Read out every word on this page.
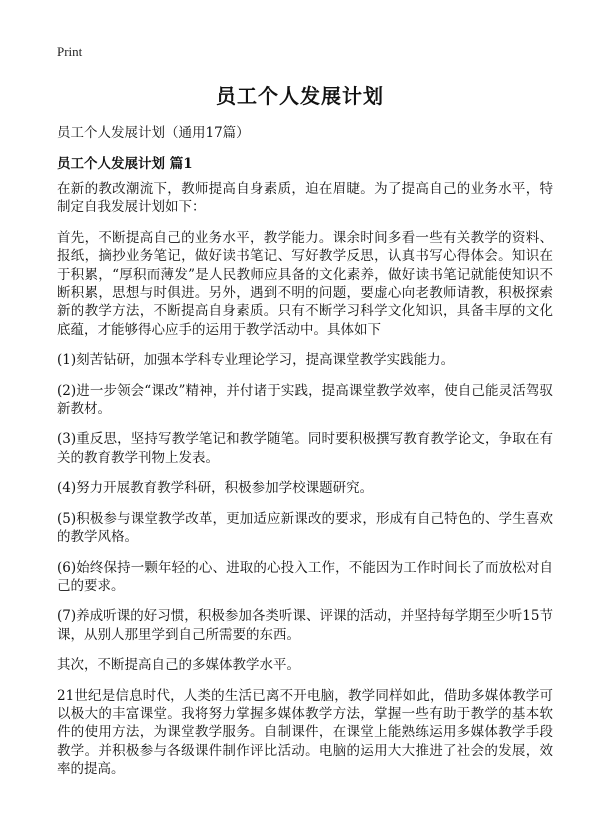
Print
员工个人发展计划

员工个人发展计划（通用17篇）

员工个人发展计划 篇1

在新的教改潮流下，教师提高自身素质，迫在眉睫。为了提高自己的业务水平，特制定自我发展计划如下：

首先，不断提高自己的业务水平，教学能力。课余时间多看一些有关教学的资料、报纸，摘抄业务笔记，做好读书笔记、写好教学反思，认真书写心得体会。知识在于积累，“厚积而薄发”是人民教师应具备的文化素养，做好读书笔记就能使知识不断积累，思想与时俱进。另外，遇到不明的问题，要虚心向老教师请教，积极探索新的教学方法，不断提高自身素质。只有不断学习科学文化知识，具备丰厚的文化底蕴，才能够得心应手的运用于教学活动中。具体如下

(1)刻苦钻研，加强本学科专业理论学习，提高课堂教学实践能力。

(2)进一步领会“课改”精神，并付诸于实践，提高课堂教学效率，使自己能灵活驾驭新教材。

(3)重反思，坚持写教学笔记和教学随笔。同时要积极撰写教育教学论文，争取在有关的教育教学刊物上发表。

(4)努力开展教育教学科研，积极参加学校课题研究。

(5)积极参与课堂教学改革，更加适应新课改的要求，形成有自己特色的、学生喜欢的教学风格。

(6)始终保持一颗年轻的心、进取的心投入工作，不能因为工作时间长了而放松对自己的要求。

(7)养成听课的好习惯，积极参加各类听课、评课的活动，并坚持每学期至少听15节课，从别人那里学到自己所需要的东西。

其次，不断提高自己的多媒体教学水平。

21世纪是信息时代，人类的生活已离不开电脑，教学同样如此，借助多媒体教学可以极大的丰富课堂。我将努力掌握多媒体教学方法，掌握一些有助于教学的基本软件的使用方法，为课堂教学服务。自制课件，在课堂上能熟练运用多媒体教学手段教学。并积极参与各级课件制作评比活动。电脑的运用大大推进了社会的发展，效率的提高。
